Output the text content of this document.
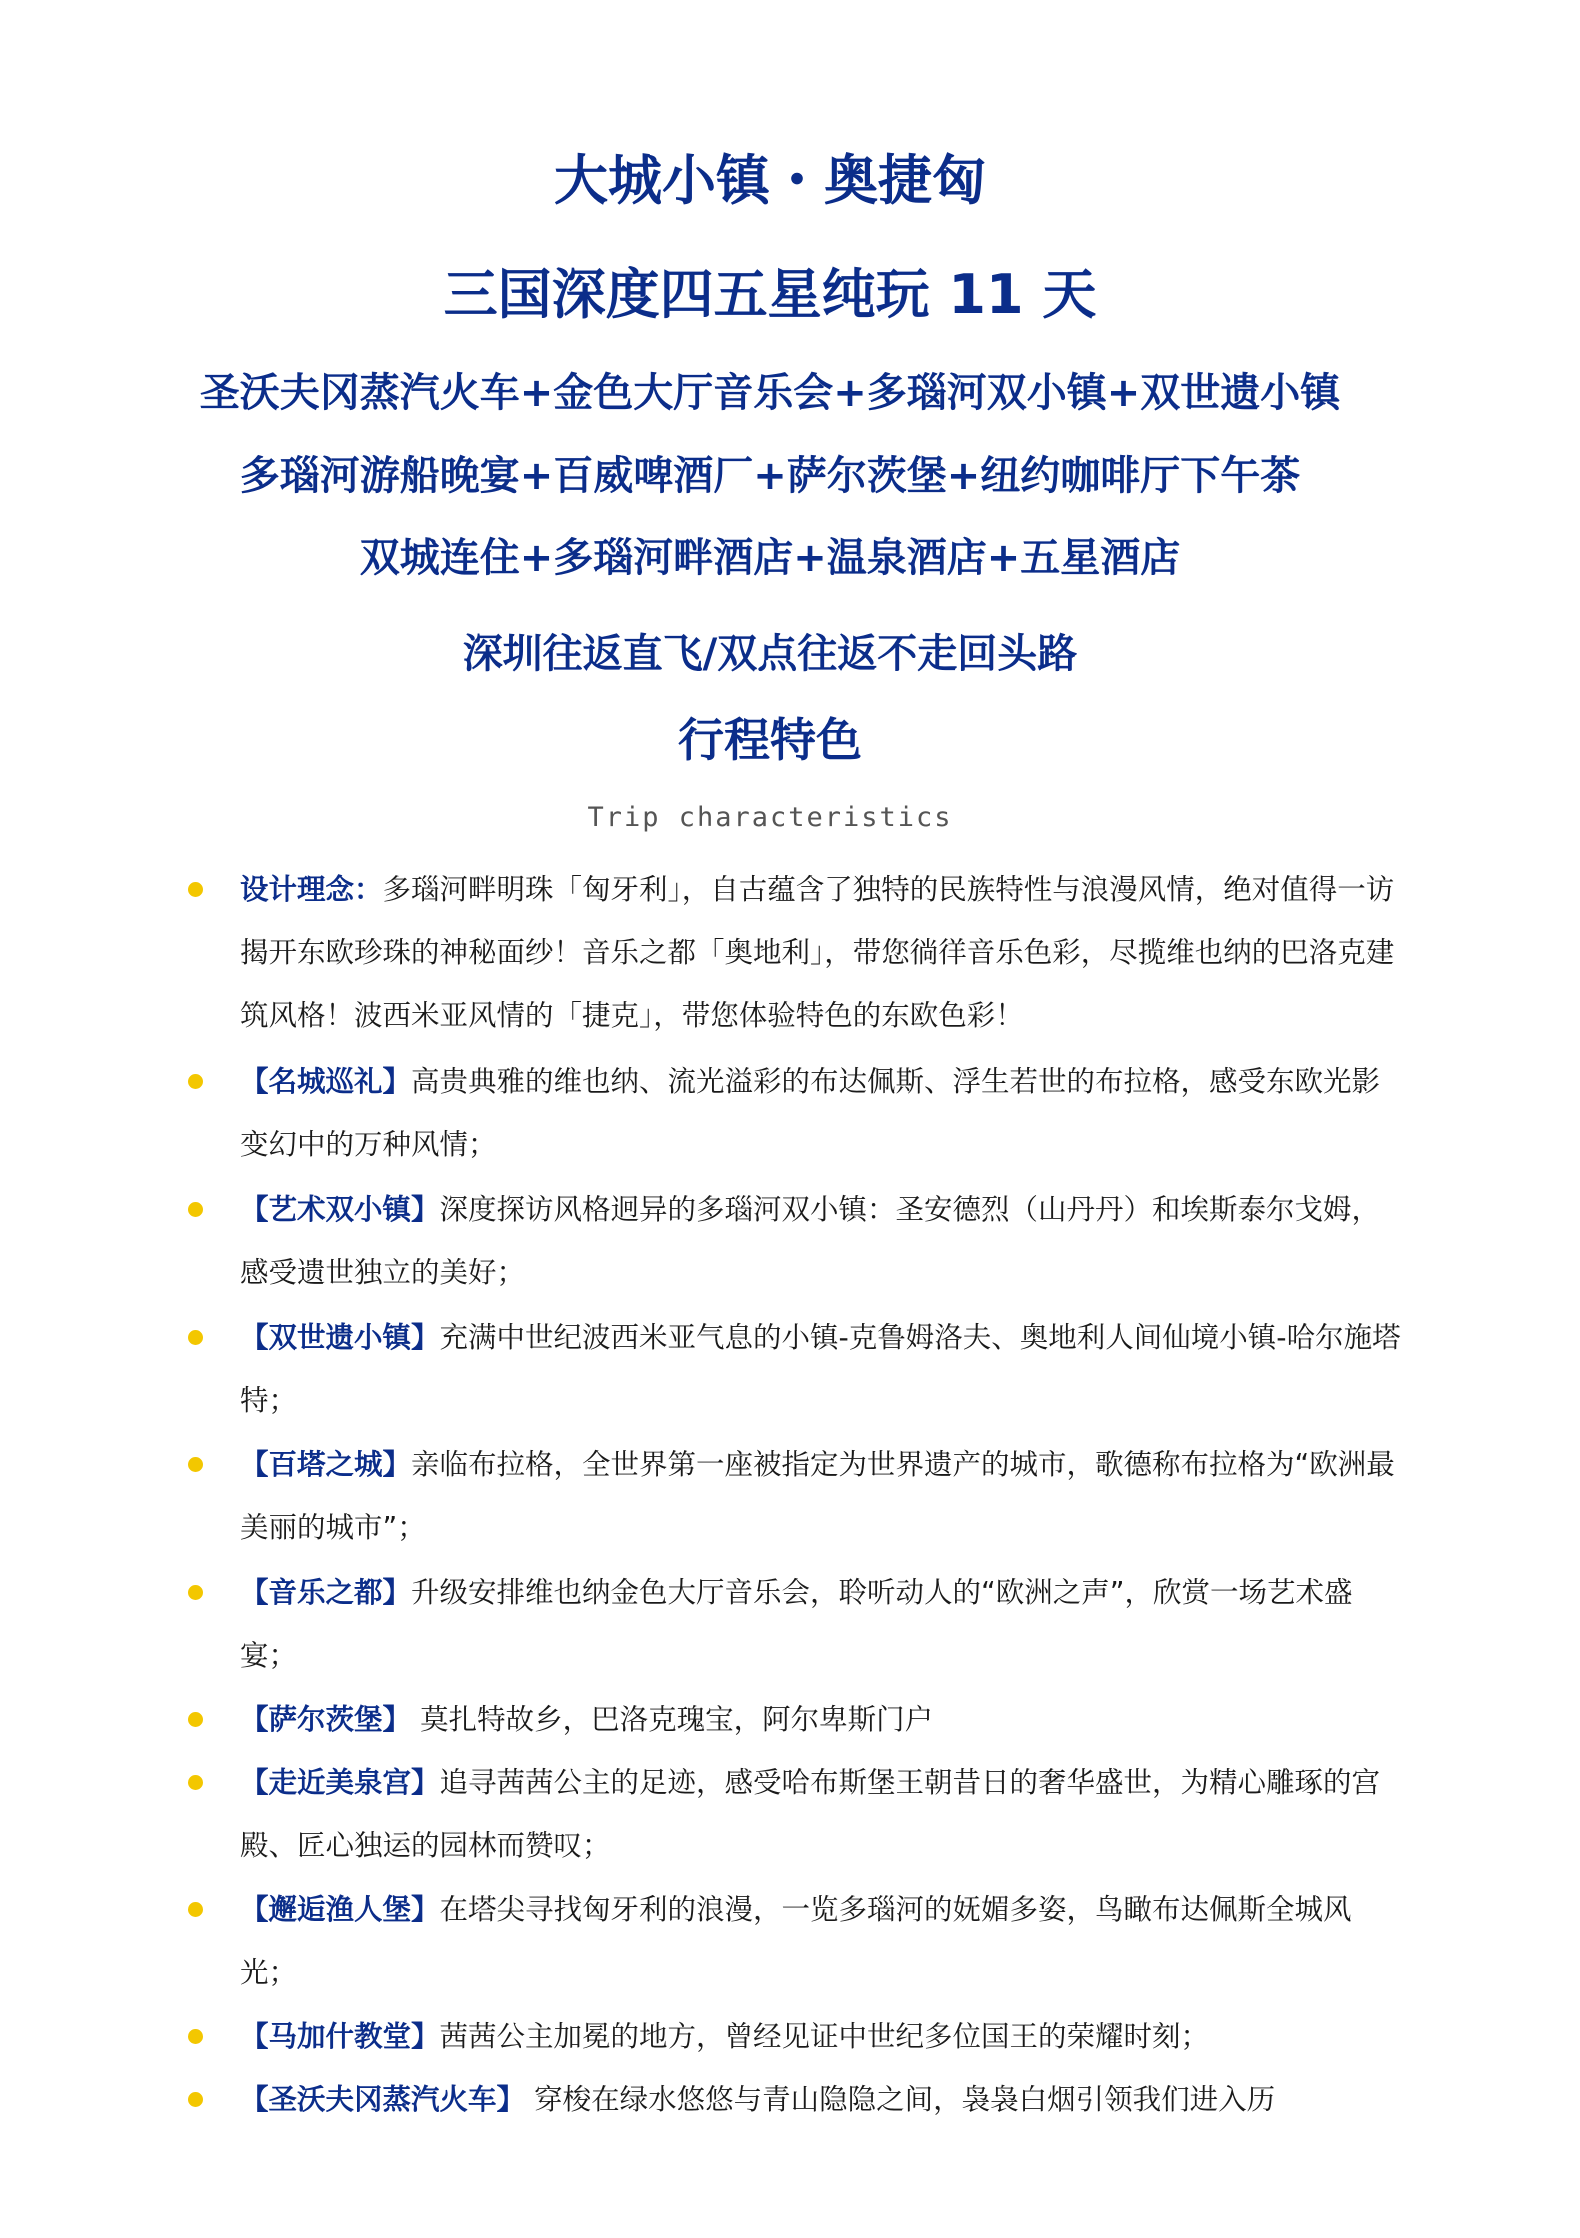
大城小镇・奥捷匈
三国深度四五星纯玩 11 天
圣沃夫冈蒸汽火车+金色大厅音乐会+多瑙河双小镇+双世遗小镇
多瑙河游船晚宴+百威啤酒厂+萨尔茨堡+纽约咖啡厅下午茶
双城连住+多瑙河畔酒店+温泉酒店+五星酒店
深圳往返直飞/双点往返不走回头路
行程特色
Trip characteristics
设计理念：多瑙河畔明珠「匈牙利」，自古蕴含了独特的民族特性与浪漫风情，绝对值得一访揭开东欧珍珠的神秘面纱！音乐之都「奥地利」，带您徜徉音乐色彩，尽揽维也纳的巴洛克建筑风格！波西米亚风情的「捷克」，带您体验特色的东欧色彩！
【名城巡礼】高贵典雅的维也纳、流光溢彩的布达佩斯、浮生若世的布拉格，感受东欧光影变幻中的万种风情；
【艺术双小镇】深度探访风格迥异的多瑙河双小镇：圣安德烈（山丹丹）和埃斯泰尔戈姆，感受遗世独立的美好；
【双世遗小镇】充满中世纪波西米亚气息的小镇-克鲁姆洛夫、奥地利人间仙境小镇-哈尔施塔特；
【百塔之城】亲临布拉格，全世界第一座被指定为世界遗产的城市，歌德称布拉格为“欧洲最美丽的城市”；
【音乐之都】升级安排维也纳金色大厅音乐会，聆听动人的“欧洲之声”，欣赏一场艺术盛宴；
【萨尔茨堡】 莫扎特故乡，巴洛克瑰宝，阿尔卑斯门户
【走近美泉宫】追寻茜茜公主的足迹，感受哈布斯堡王朝昔日的奢华盛世，为精心雕琢的宫殿、匠心独运的园林而赞叹；
【邂逅渔人堡】在塔尖寻找匈牙利的浪漫，一览多瑙河的妩媚多姿，鸟瞰布达佩斯全城风光；
【马加什教堂】茜茜公主加冕的地方，曾经见证中世纪多位国王的荣耀时刻；
【圣沃夫冈蒸汽火车】 穿梭在绿水悠悠与青山隐隐之间，袅袅白烟引领我们进入历
